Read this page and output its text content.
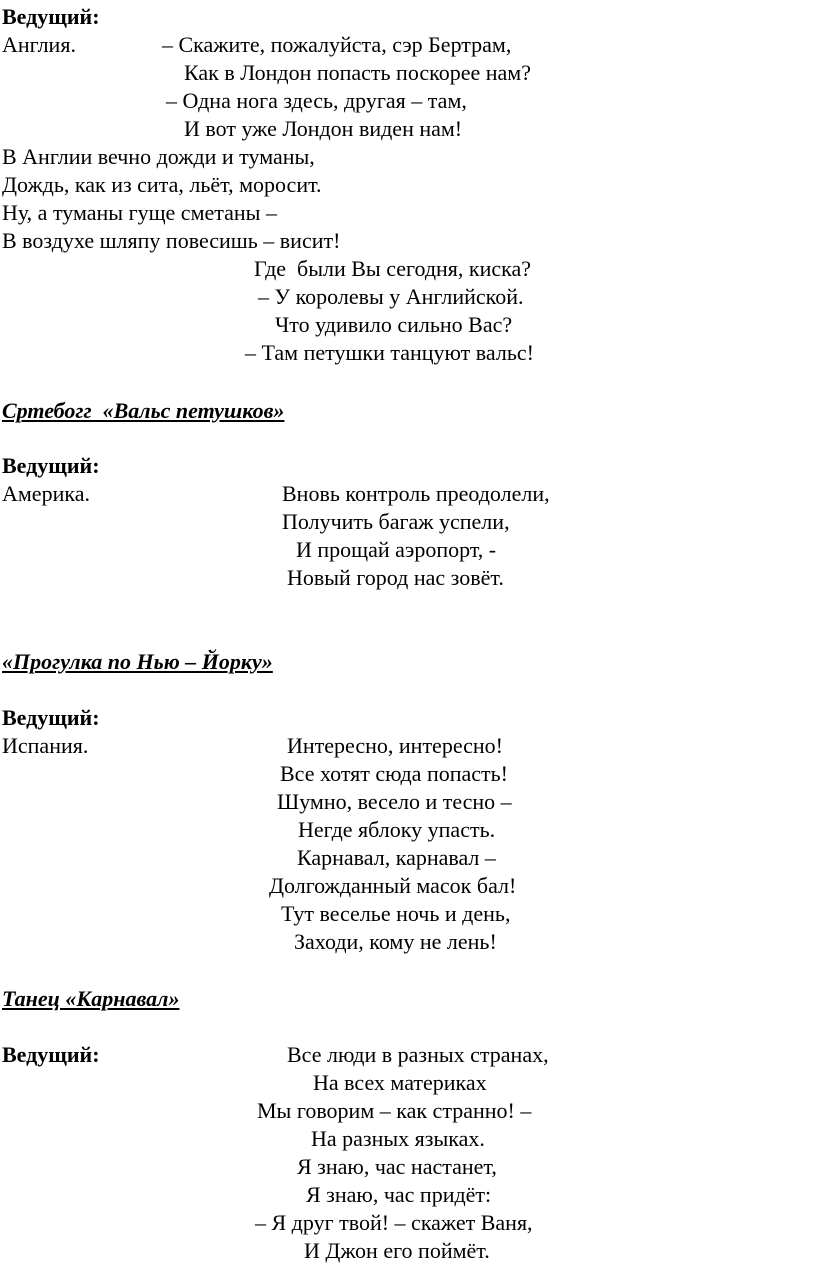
Ведущий:
Англия.	– Скажите, пожалуйста, сэр Бертрам,
Как в Лондон попасть поскорее нам?
– Одна нога здесь, другая – там,
И вот уже Лондон виден нам!
В Англии вечно дожди и туманы,
Дождь, как из сита, льёт, моросит.
Ну, а туманы гуще сметаны –
В воздухе шляпу повесишь – висит!
Где  были Вы сегодня, киска?
– У королевы у Английской.
Что удивило сильно Вас?
– Там петушки танцуют вальс!
Сртебогг  «Вальс петушков»
Ведущий:
Америка.	Вновь контроль преодолели,
Получить багаж успели,
И прощай аэропорт, -
Новый город нас зовёт.
«Прогулка по Нью – Йорку»
Ведущий:
Испания.	Интересно, интересно!
Все хотят сюда попасть!
Шумно, весело и тесно –
Негде яблоку упасть.
Карнавал, карнавал –
Долгожданный масок бал!
Тут веселье ночь и день,
Заходи, кому не лень!
Танец «Карнавал»
Ведущий:	Все люди в разных странах,
На всех материках
Мы говорим – как странно! –
На разных языках.
Я знаю, час настанет,
Я знаю, час придёт:
– Я друг твой! – скажет Ваня,
И Джон его поймёт.
